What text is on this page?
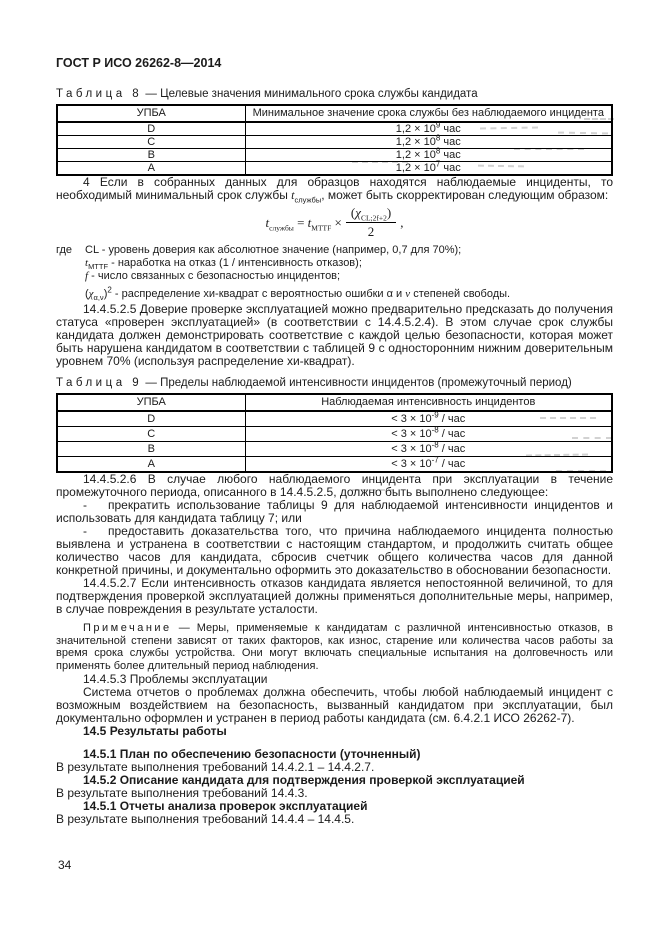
ГОСТ Р ИСО 26262-8—2014
Таблица 8 — Целевые значения минимального срока службы кандидата
УПБА	Минимальное значение срока службы без наблюдаемого инцидента
D	$1,2 \times 10^9$ час
C	$1,2 \times 10^8$ час
B	$1,2 \times 10^8$ час
A	$1,2 \times 10^7$ час

4 Если в собранных данных для образцов находятся наблюдаемые инциденты, то необходимый минимальный срок службы $t_{службы}$, может быть скорректирован следующим образом:

$t_{службы} = t_{MTTF} \times \frac{(\chi_{CL;2f+2})}{2}$ ,
где CL - уровень доверия как абсолютное значение (например, 0,7 для 70%);
$t_{MTTF}$ - наработка на отказ (1 / интенсивность отказов);
f - число связанных с безопасностью инцидентов;
$(\chi_{\alpha,\nu})^2$ - распределение хи-квадрат с вероятностью ошибки α и ν степеней свободы.

14.4.5.2.5 Доверие проверке эксплуатацией можно предварительно предсказать до получения статуса «проверен эксплуатацией» (в соответствии с 14.4.5.2.4). В этом случае срок службы кандидата должен демонстрировать соответствие с каждой целью безопасности, которая может быть нарушена кандидатом в соответствии с таблицей 9 с односторонним нижним доверительным уровнем 70% (используя распределение хи-квадрат).

Таблица 9 — Пределы наблюдаемой интенсивности инцидентов (промежуточный период)
УПБА	Наблюдаемая интенсивность инцидентов
D	< $3 \times 10^{-9}$ / час
C	< $3 \times 10^{-8}$ / час
B	< $3 \times 10^{-8}$ / час
A	< $3 \times 10^{-7}$ / час

14.4.5.2.6 В случае любого наблюдаемого инцидента при эксплуатации в течение промежуточного периода, описанного в 14.4.5.2.5, должно быть выполнено следующее:

- прекратить использование таблицы 9 для наблюдаемой интенсивности инцидентов и использовать для кандидата таблицу 7; или

- предоставить доказательства того, что причина наблюдаемого инцидента полностью выявлена и устранена в соответствии с настоящим стандартом, и продолжить считать общее количество часов для кандидата, сбросив счетчик общего количества часов для данной конкретной причины, и документально оформить это доказательство в обосновании безопасности.

14.4.5.2.7 Если интенсивность отказов кандидата является непостоянной величиной, то для подтверждения проверкой эксплуатацией должны применяться дополнительные меры, например, в случае повреждения в результате усталости.

Примечание — Меры, применяемые к кандидатам с различной интенсивностью отказов, в значительной степени зависят от таких факторов, как износ, старение или количества часов работы за время срока службы устройства. Они могут включать специальные испытания на долговечность или применять более длительный период наблюдения.

14.4.5.3 Проблемы эксплуатации

Система отчетов о проблемах должна обеспечить, чтобы любой наблюдаемый инцидент с возможным воздействием на безопасность, вызванный кандидатом при эксплуатации, был документально оформлен и устранен в период работы кандидата (см. 6.4.2.1 ИСО 26262-7).

14.5 Результаты работы

14.5.1 План по обеспечению безопасности (уточненный)

В результате выполнения требований 14.4.2.1 – 14.4.2.7.

14.5.2 Описание кандидата для подтверждения проверкой эксплуатацией

В результате выполнения требований 14.4.3.

14.5.1 Отчеты анализа проверок эксплуатацией

В результате выполнения требований 14.4.4 – 14.4.5.

34
